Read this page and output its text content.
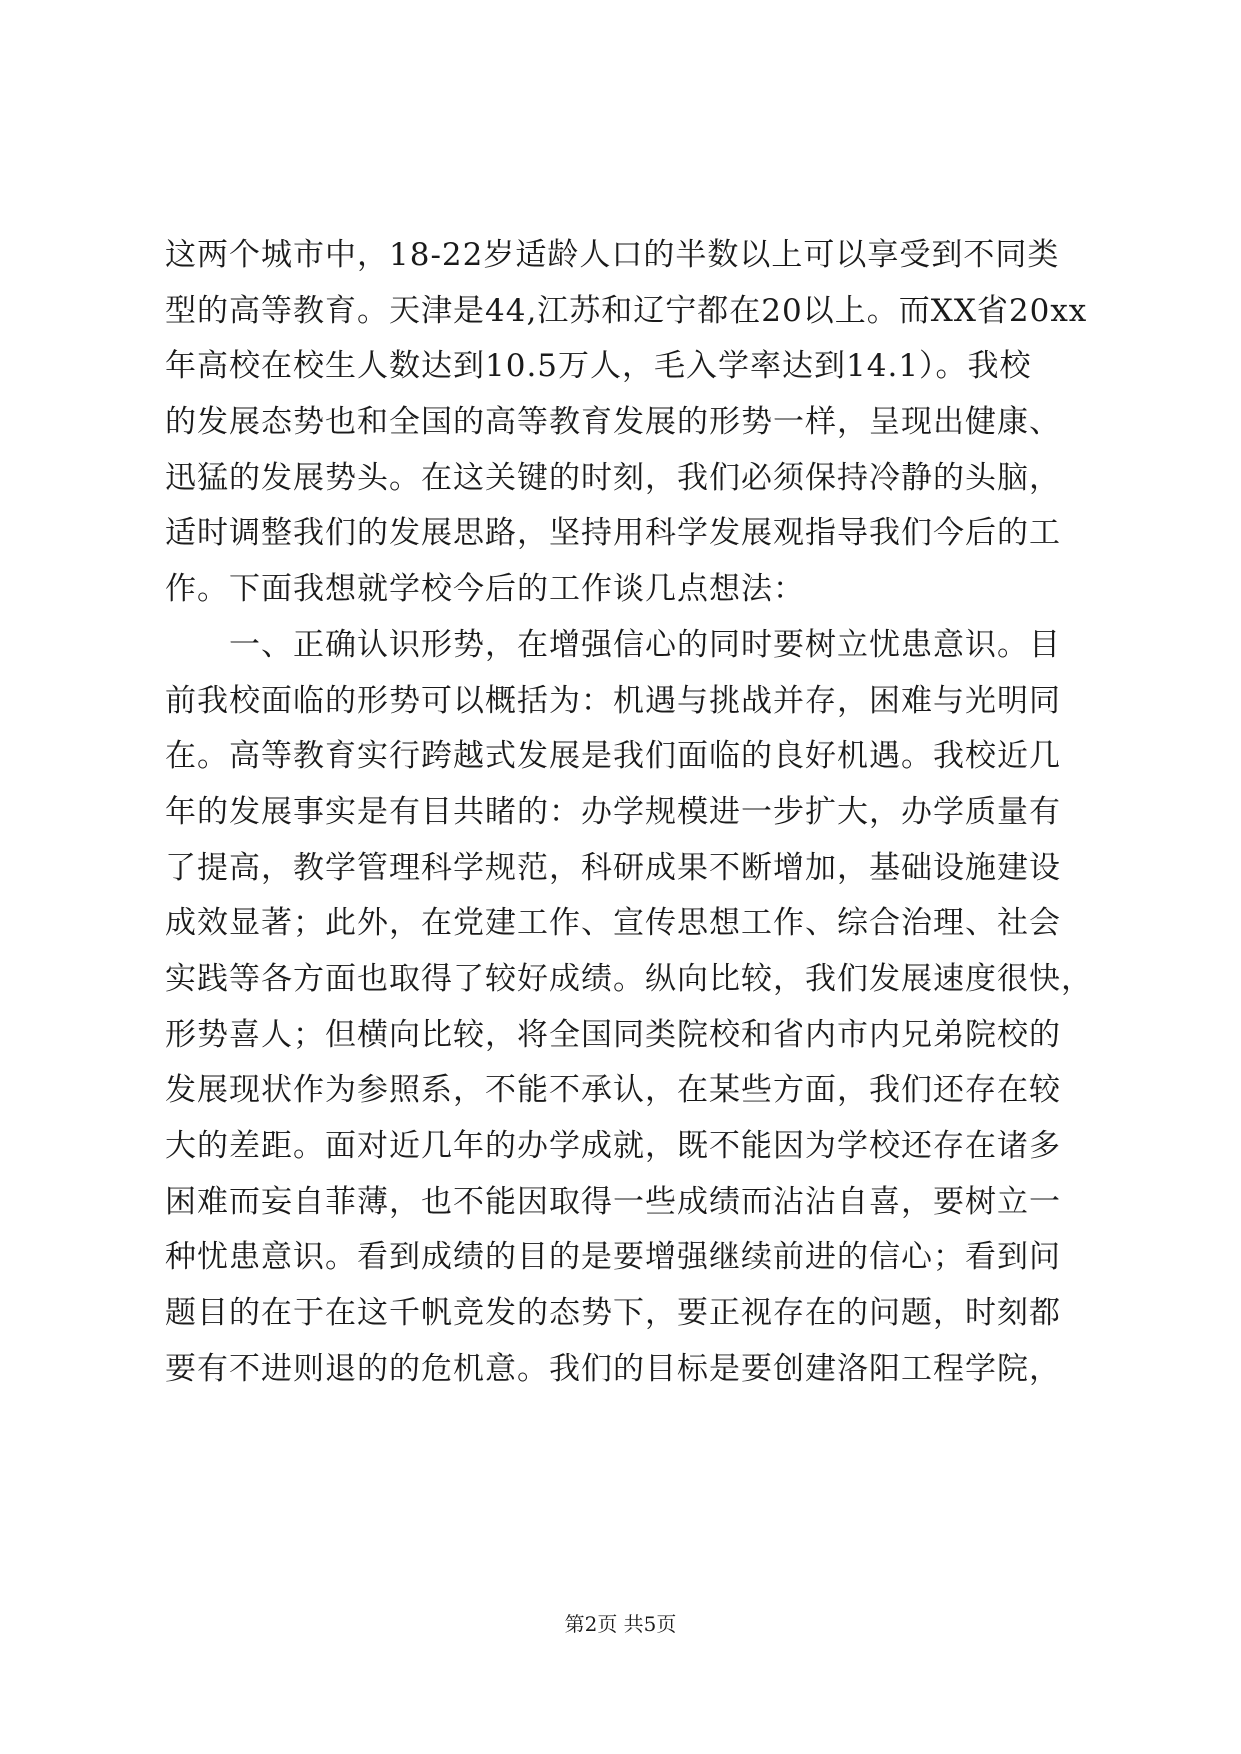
这两个城市中，18-22岁适龄人口的半数以上可以享受到不同类
型的高等教育。天津是44,江苏和辽宁都在20以上。而XX省20xx
年高校在校生人数达到10.5万人，毛入学率达到14.1）。我校
的发展态势也和全国的高等教育发展的形势一样，呈现出健康、
迅猛的发展势头。在这关键的时刻，我们必须保持冷静的头脑，
适时调整我们的发展思路，坚持用科学发展观指导我们今后的工
作。下面我想就学校今后的工作谈几点想法：
　　一、正确认识形势，在增强信心的同时要树立忧患意识。目
前我校面临的形势可以概括为：机遇与挑战并存，困难与光明同
在。高等教育实行跨越式发展是我们面临的良好机遇。我校近几
年的发展事实是有目共睹的：办学规模进一步扩大，办学质量有
了提高，教学管理科学规范，科研成果不断增加，基础设施建设
成效显著；此外，在党建工作、宣传思想工作、综合治理、社会
实践等各方面也取得了较好成绩。纵向比较，我们发展速度很快，
形势喜人；但横向比较，将全国同类院校和省内市内兄弟院校的
发展现状作为参照系，不能不承认，在某些方面，我们还存在较
大的差距。面对近几年的办学成就，既不能因为学校还存在诸多
困难而妄自菲薄，也不能因取得一些成绩而沾沾自喜，要树立一
种忧患意识。看到成绩的目的是要增强继续前进的信心；看到问
题目的在于在这千帆竞发的态势下，要正视存在的问题，时刻都
要有不进则退的的危机意。我们的目标是要创建洛阳工程学院，
第2页 共5页
